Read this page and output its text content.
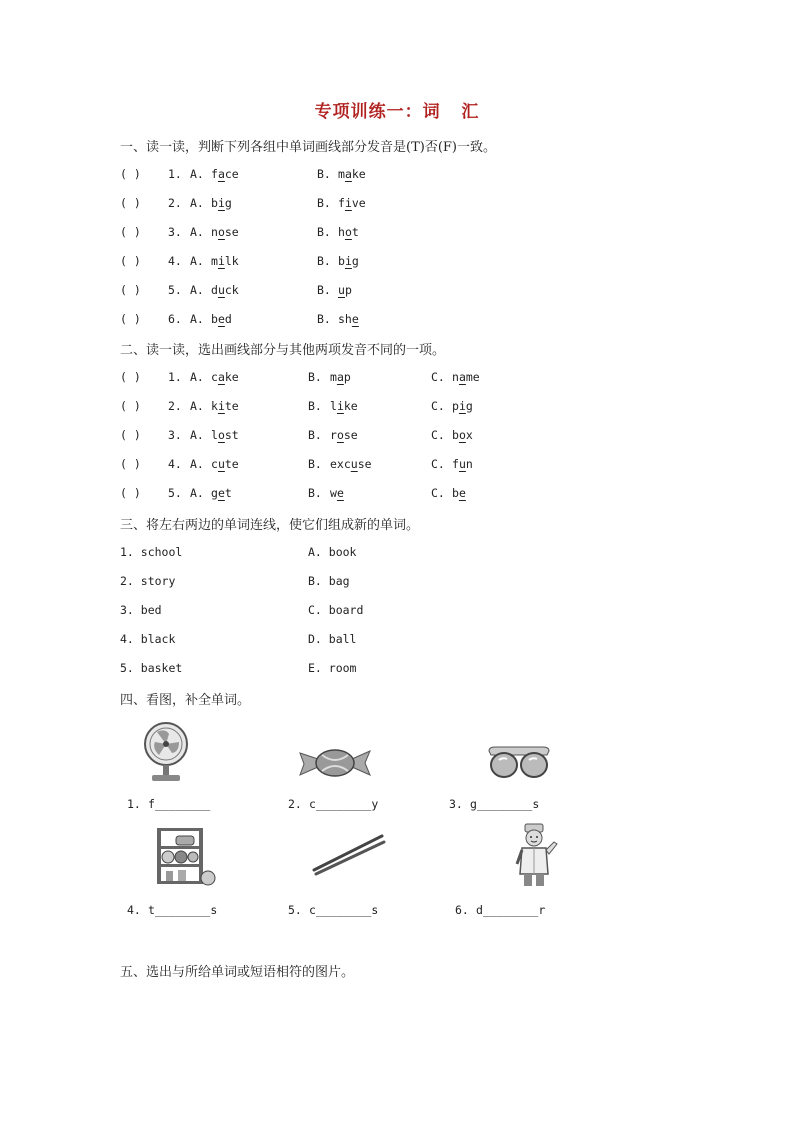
专项训练一：词 汇
一、读一读，判断下列各组中单词画线部分发音是(T)否(F)一致。
( ) 1. A. face	B. make
( ) 2. A. big	B. five
( ) 3. A. nose	B. hot
( ) 4. A. milk	B. big
( ) 5. A. duck	B. up
( ) 6. A. bed	B. she
二、读一读，选出画线部分与其他两项发音不同的一项。
( ) 1. A. cake	B. map	C. name
( ) 2. A. kite	B. like	C. pig
( ) 3. A. lost	B. rose	C. box
( ) 4. A. cute	B. excuse	C. fun
( ) 5. A. get	B. we	C. be
三、将左右两边的单词连线，使它们组成新的单词。
1. school	A. book
2. story	B. bag
3. bed	C. board
4. black	D. ball
5. basket	E. room
四、看图，补全单词。
1. f________	2. c________y	3. g________s
4. t________s	5. c________s	6. d________r
五、选出与所给单词或短语相符的图片。
